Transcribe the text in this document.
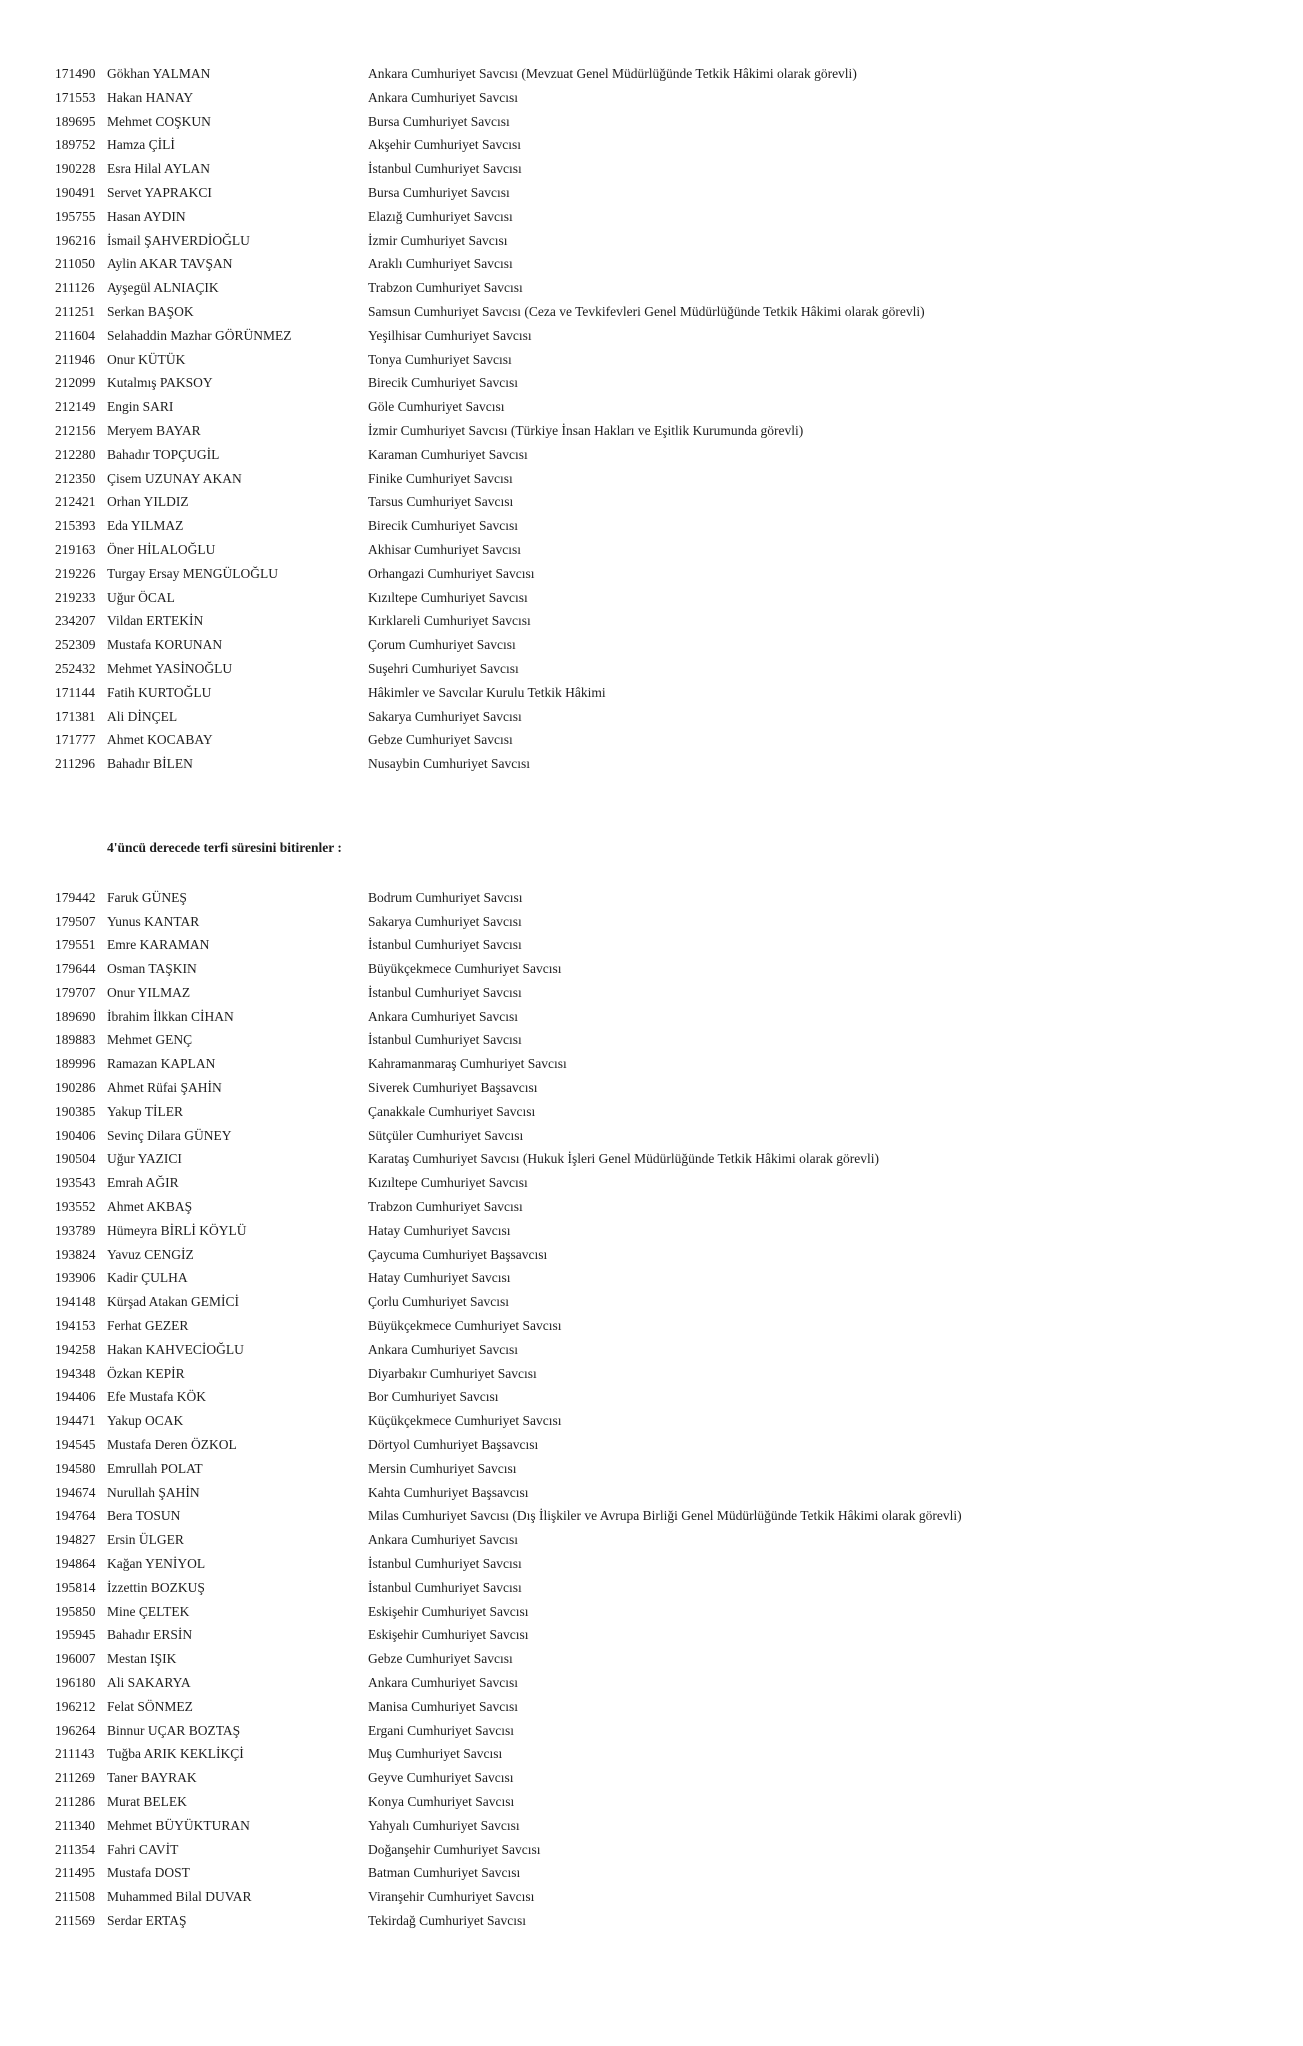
171490 Gökhan YALMAN	Ankara Cumhuriyet Savcısı (Mevzuat Genel Müdürlüğünde Tetkik Hâkimi olarak görevli)
171553 Hakan HANAY	Ankara Cumhuriyet Savcısı
189695 Mehmet COŞKUN	Bursa Cumhuriyet Savcısı
189752 Hamza ÇİLİ	Akşehir Cumhuriyet Savcısı
190228 Esra Hilal AYLAN	İstanbul Cumhuriyet Savcısı
190491 Servet YAPRAKCI	Bursa Cumhuriyet Savcısı
195755 Hasan AYDIN	Elazığ Cumhuriyet Savcısı
196216 İsmail ŞAHVERDİOĞLU	İzmir Cumhuriyet Savcısı
211050 Aylin AKAR TAVŞAN	Araklı Cumhuriyet Savcısı
211126 Ayşegül ALNIAÇIK	Trabzon Cumhuriyet Savcısı
211251 Serkan BAŞOK	Samsun Cumhuriyet Savcısı (Ceza ve Tevkifevleri Genel Müdürlüğünde Tetkik Hâkimi olarak görevli)
211604 Selahaddin Mazhar GÖRÜNMEZ	Yeşilhisar Cumhuriyet Savcısı
211946 Onur KÜTÜK	Tonya Cumhuriyet Savcısı
212099 Kutalmış PAKSOY	Birecik Cumhuriyet Savcısı
212149 Engin SARI	Göle Cumhuriyet Savcısı
212156 Meryem BAYAR	İzmir Cumhuriyet Savcısı (Türkiye İnsan Hakları ve Eşitlik Kurumunda görevli)
212280 Bahadır TOPÇUGİL	Karaman Cumhuriyet Savcısı
212350 Çisem UZUNAY AKAN	Finike Cumhuriyet Savcısı
212421 Orhan YILDIZ	Tarsus Cumhuriyet Savcısı
215393 Eda YILMAZ	Birecik Cumhuriyet Savcısı
219163 Öner HİLALOĞLU	Akhisar Cumhuriyet Savcısı
219226 Turgay Ersay MENGÜLOĞLU	Orhangazi Cumhuriyet Savcısı
219233 Uğur ÖCAL	Kızıltepe Cumhuriyet Savcısı
234207 Vildan ERTEKİN	Kırklareli Cumhuriyet Savcısı
252309 Mustafa KORUNAN	Çorum Cumhuriyet Savcısı
252432 Mehmet YASİNOĞLU	Suşehri Cumhuriyet Savcısı
171144 Fatih KURTOĞLU	Hâkimler ve Savcılar Kurulu Tetkik Hâkimi
171381 Ali DİNÇEL	Sakarya Cumhuriyet Savcısı
171777 Ahmet KOCABAY	Gebze Cumhuriyet Savcısı
211296 Bahadır BİLEN	Nusaybin Cumhuriyet Savcısı
4'üncü derecede terfi süresini bitirenler :
179442 Faruk GÜNEŞ	Bodrum Cumhuriyet Savcısı
179507 Yunus KANTAR	Sakarya Cumhuriyet Savcısı
179551 Emre KARAMAN	İstanbul Cumhuriyet Savcısı
179644 Osman TAŞKIN	Büyükçekmece Cumhuriyet Savcısı
179707 Onur YILMAZ	İstanbul Cumhuriyet Savcısı
189690 İbrahim İlkkan CİHAN	Ankara Cumhuriyet Savcısı
189883 Mehmet GENÇ	İstanbul Cumhuriyet Savcısı
189996 Ramazan KAPLAN	Kahramanmaraş Cumhuriyet Savcısı
190286 Ahmet Rüfai ŞAHİN	Siverek Cumhuriyet Başsavcısı
190385 Yakup TİLER	Çanakkale Cumhuriyet Savcısı
190406 Sevinç Dilara GÜNEY	Sütçüler Cumhuriyet Savcısı
190504 Uğur YAZICI	Karataş Cumhuriyet Savcısı (Hukuk İşleri Genel Müdürlüğünde Tetkik Hâkimi olarak görevli)
193543 Emrah AĞIR	Kızıltepe Cumhuriyet Savcısı
193552 Ahmet AKBAŞ	Trabzon Cumhuriyet Savcısı
193789 Hümeyra BİRLİ KÖYLÜ	Hatay Cumhuriyet Savcısı
193824 Yavuz CENGİZ	Çaycuma Cumhuriyet Başsavcısı
193906 Kadir ÇULHA	Hatay Cumhuriyet Savcısı
194148 Kürşad Atakan GEMİCİ	Çorlu Cumhuriyet Savcısı
194153 Ferhat GEZER	Büyükçekmece Cumhuriyet Savcısı
194258 Hakan KAHVECİOĞLU	Ankara Cumhuriyet Savcısı
194348 Özkan KEPİR	Diyarbakır Cumhuriyet Savcısı
194406 Efe Mustafa KÖK	Bor Cumhuriyet Savcısı
194471 Yakup OCAK	Küçükçekmece Cumhuriyet Savcısı
194545 Mustafa Deren ÖZKOL	Dörtyol Cumhuriyet Başsavcısı
194580 Emrullah POLAT	Mersin Cumhuriyet Savcısı
194674 Nurullah ŞAHİN	Kahta Cumhuriyet Başsavcısı
194764 Bera TOSUN	Milas Cumhuriyet Savcısı (Dış İlişkiler ve Avrupa Birliği Genel Müdürlüğünde Tetkik Hâkimi olarak görevli)
194827 Ersin ÜLGER	Ankara Cumhuriyet Savcısı
194864 Kağan YENİYOL	İstanbul Cumhuriyet Savcısı
195814 İzzettin BOZKUŞ	İstanbul Cumhuriyet Savcısı
195850 Mine ÇELTEK	Eskişehir Cumhuriyet Savcısı
195945 Bahadır ERSİN	Eskişehir Cumhuriyet Savcısı
196007 Mestan IŞIK	Gebze Cumhuriyet Savcısı
196180 Ali SAKARYA	Ankara Cumhuriyet Savcısı
196212 Felat SÖNMEZ	Manisa Cumhuriyet Savcısı
196264 Binnur UÇAR BOZTAŞ	Ergani Cumhuriyet Savcısı
211143 Tuğba ARIK KEKLİKÇİ	Muş Cumhuriyet Savcısı
211269 Taner BAYRAK	Geyve Cumhuriyet Savcısı
211286 Murat BELEK	Konya Cumhuriyet Savcısı
211340 Mehmet BÜYÜKTURAN	Yahyalı Cumhuriyet Savcısı
211354 Fahri CAVİT	Doğanşehir Cumhuriyet Savcısı
211495 Mustafa DOST	Batman Cumhuriyet Savcısı
211508 Muhammed Bilal DUVAR	Viranşehir Cumhuriyet Savcısı
211569 Serdar ERTAŞ	Tekirdağ Cumhuriyet Savcısı
